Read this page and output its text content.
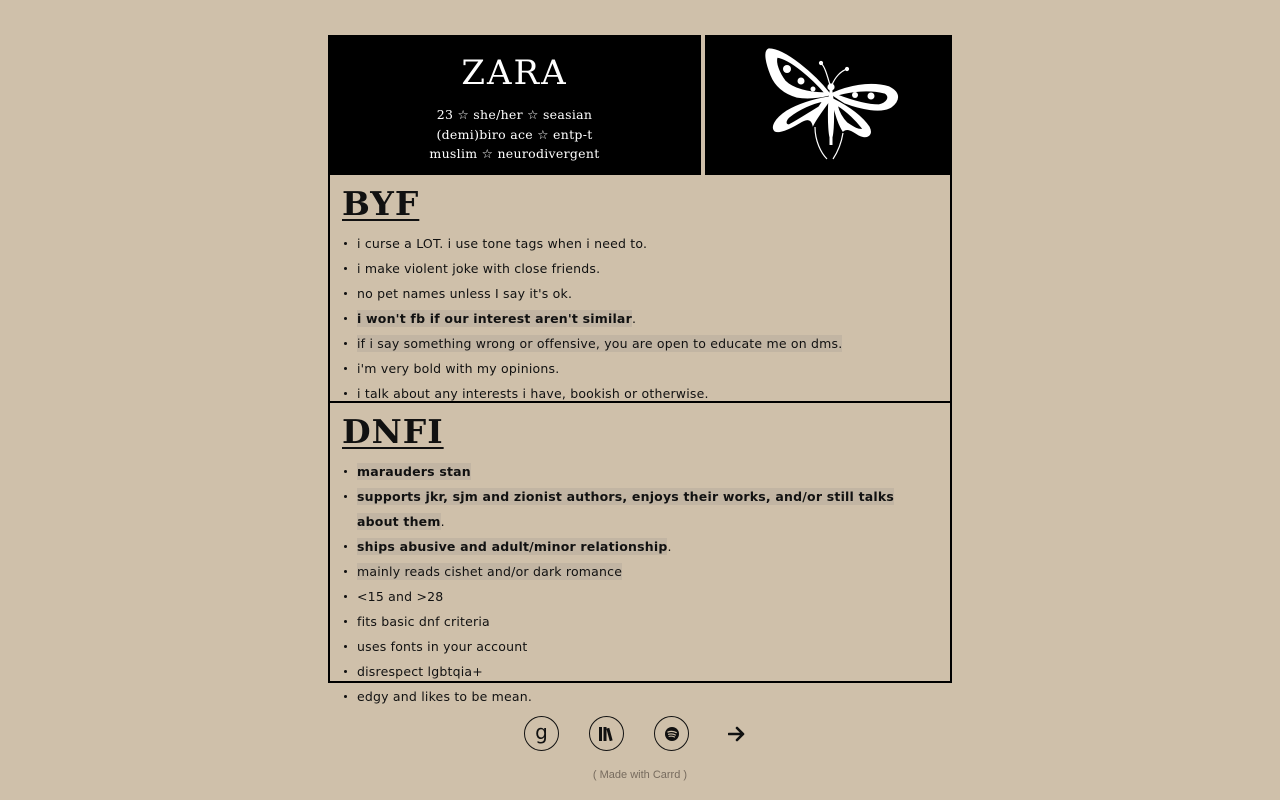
ZARA
23 ☆ she/her ☆ seasian
(demi)biro ace ☆ entp-t
muslim ☆ neurodivergent
BYF
i curse a LOT. i use tone tags when i need to.
i make violent joke with close friends.
no pet names unless I say it's ok.
i won't fb if our interest aren't similar.
if i say something wrong or offensive, you are open to educate me on dms.
i'm very bold with my opinions.
i talk about any interests i have, bookish or otherwise.
DNFI
marauders stan
supports jkr, sjm and zionist authors, enjoys their works, and/or still talks about them.
ships abusive and adult/minor relationship.
mainly reads cishet and/or dark romance
<15 and >28
fits basic dnf criteria
uses fonts in your account
disrespect lgbtqia+
edgy and likes to be mean.
g
( Made with Carrd )
